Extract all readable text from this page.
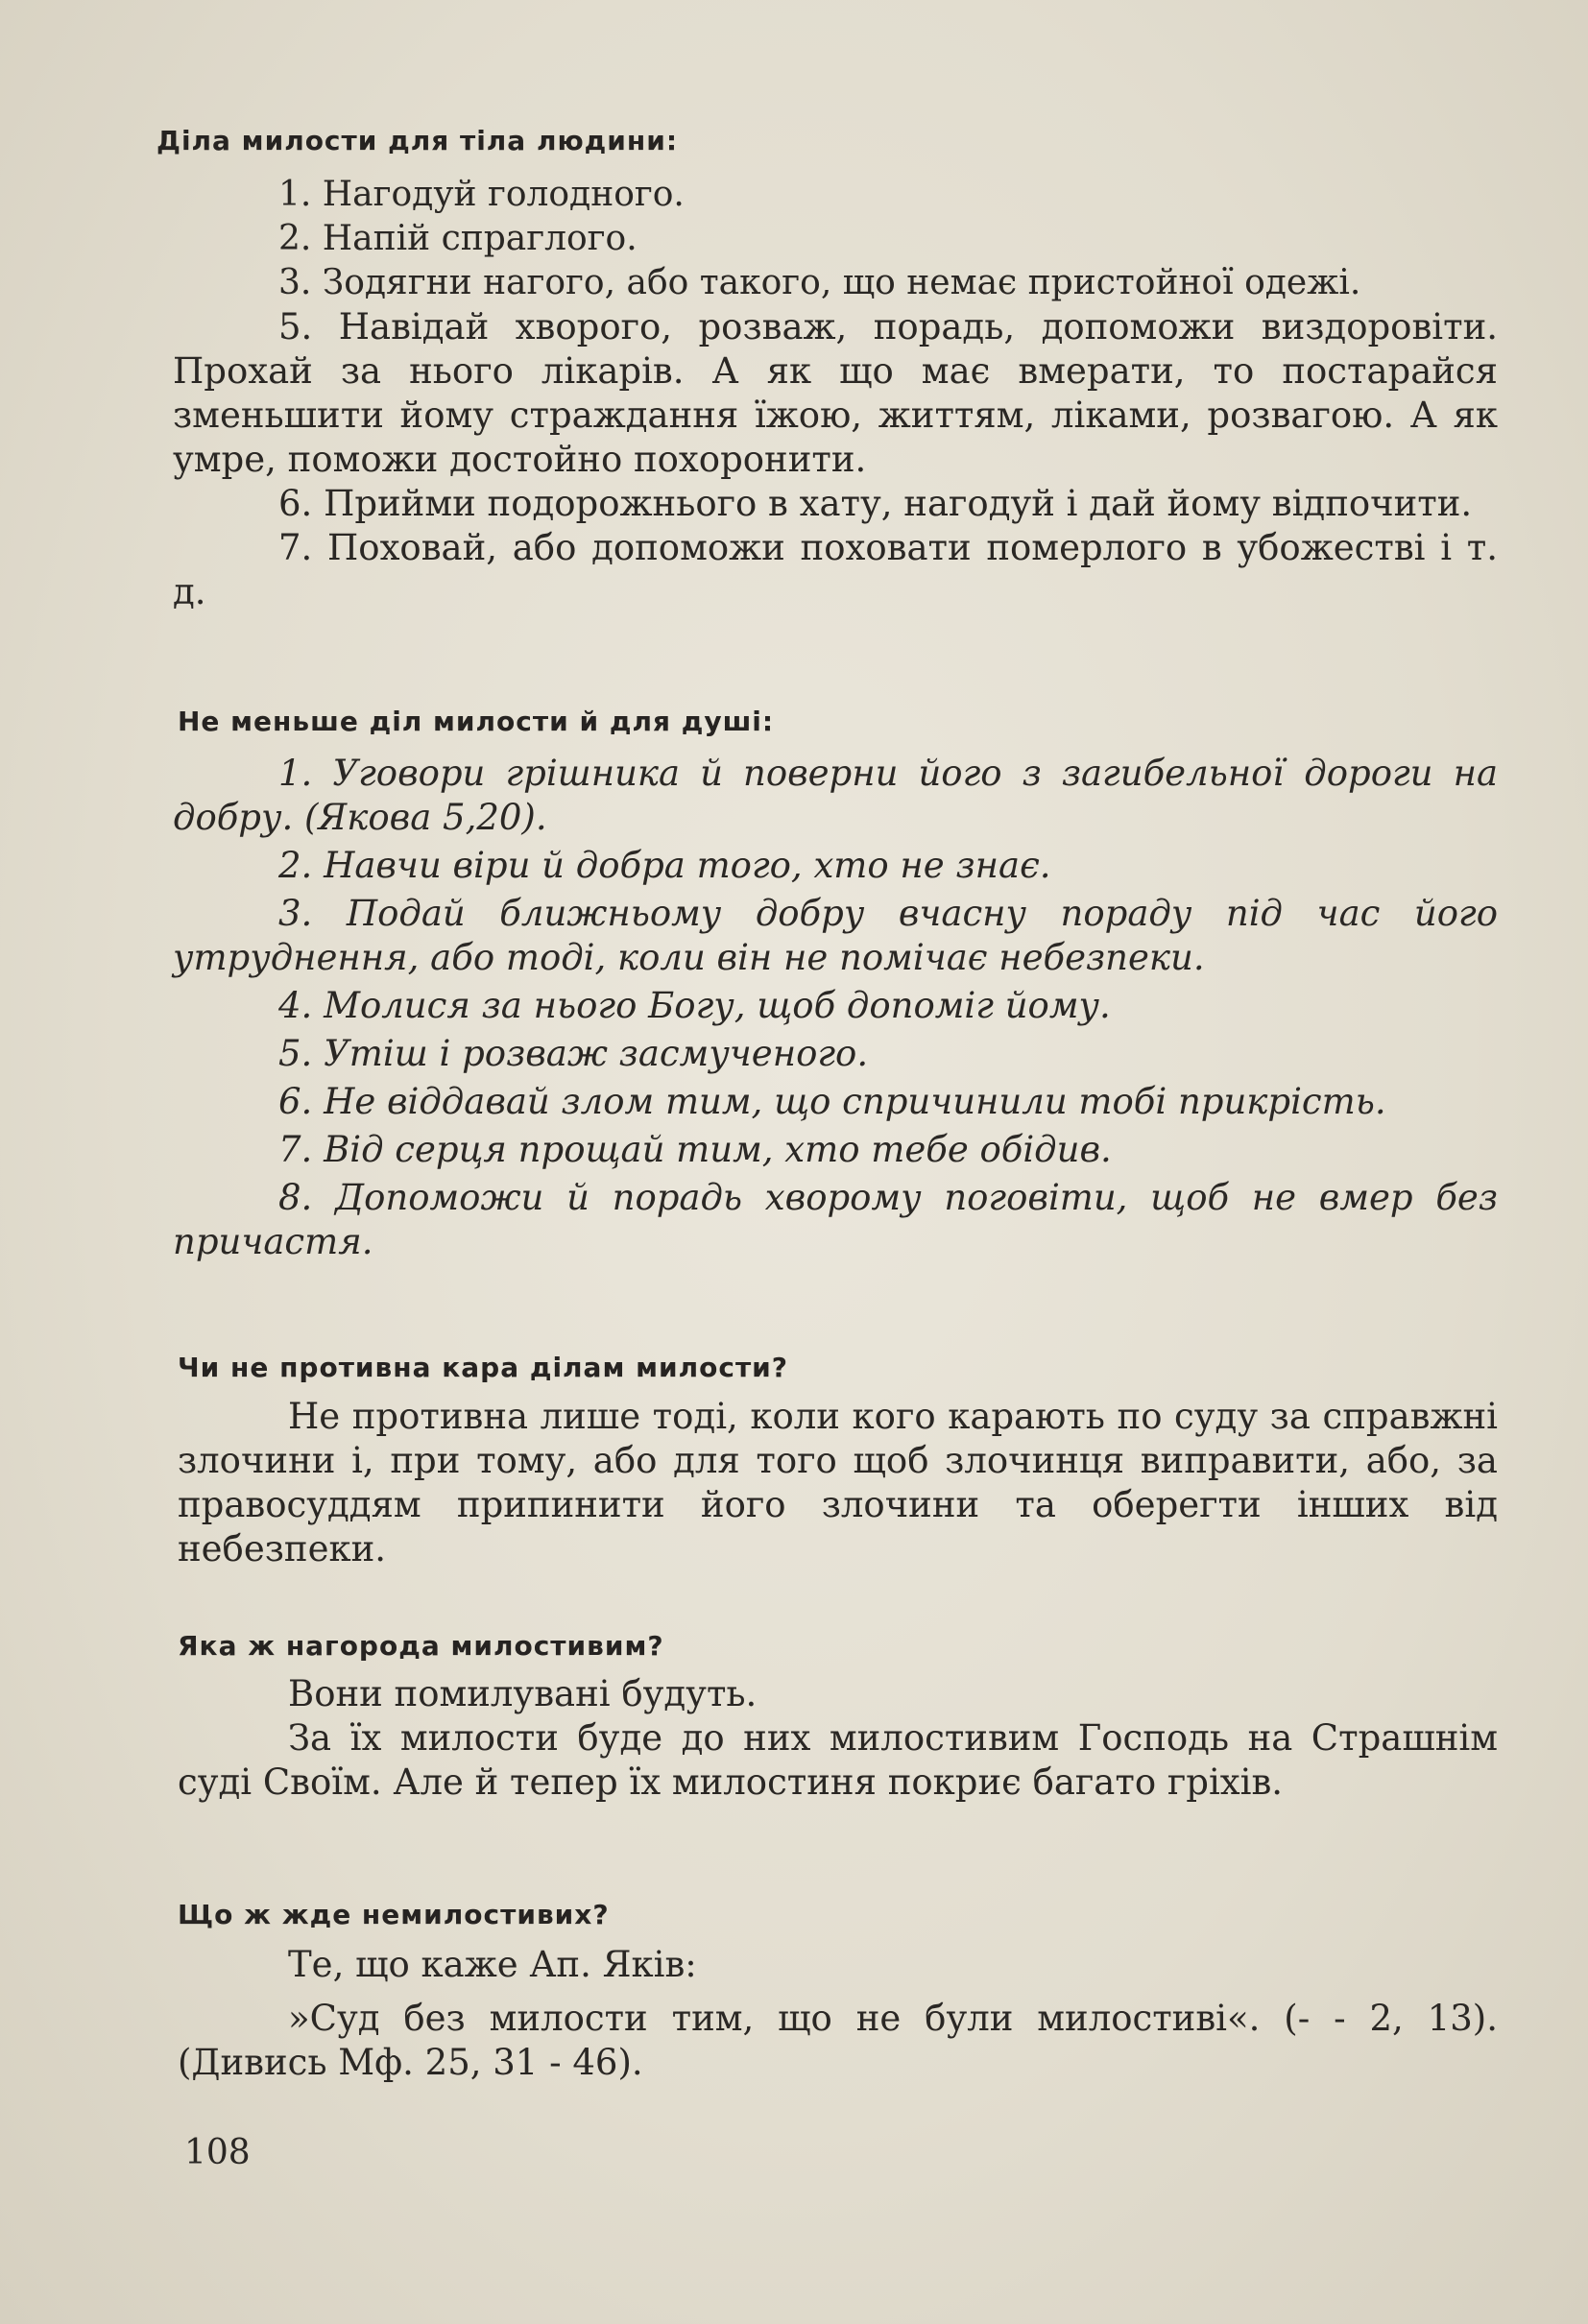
Діла милости для тіла людини:

1. Нагодуй голодного.

2. Напій спраглого.

3. Зодягни нагого, або такого, що немає пристойної одежі.

5. Навідай хворого, розваж, порадь, допоможи виздоровіти. Прохай за нього лікарів. А як що має вмерати, то постарайся зменьшити йому страждання їжою, життям, ліками, розвагою. А як умре, поможи достойно похоронити.

6. Прийми подорожнього в хату, нагодуй і дай йому відпочити.

7. Поховай, або допоможи поховати померлого в убожестві і т. д.

Не меньше діл милости й для душі:

1. Уговори грішника й поверни його з загибельної дороги на добру. (Якова 5,20).

2. Навчи віри й добра того, хто не знає.

3. Подай ближньому добру вчасну пораду під час його утруднення, або тоді, коли він не помічає небезпеки.

4. Молися за нього Богу, щоб допоміг йому.

5. Утіш і розваж засмученого.

6. Не віддавай злом тим, що спричинили тобі прикрість.

7. Від серця прощай тим, хто тебе обідив.

8. Допоможи й порадь хворому поговіти, щоб не вмер без причастя.

Чи не противна кара ділам милости?

Не противна лише тоді, коли кого карають по суду за справжні злочини і, при тому, або для того щоб злочинця виправити, або, за правосуддям припинити його злочини та оберегти інших від небезпеки.

Яка ж нагорода милостивим?

Вони помилувані будуть.

За їх милости буде до них милостивим Господь на Страшнім суді Своїм. Але й тепер їх милостиня покриє багато гріхів.

Що ж жде немилостивих?

Те, що каже Ап. Яків:

»Суд без милости тим, що не були милостиві«. (- - 2, 13). (Дивись Мф. 25, 31 - 46).

108
